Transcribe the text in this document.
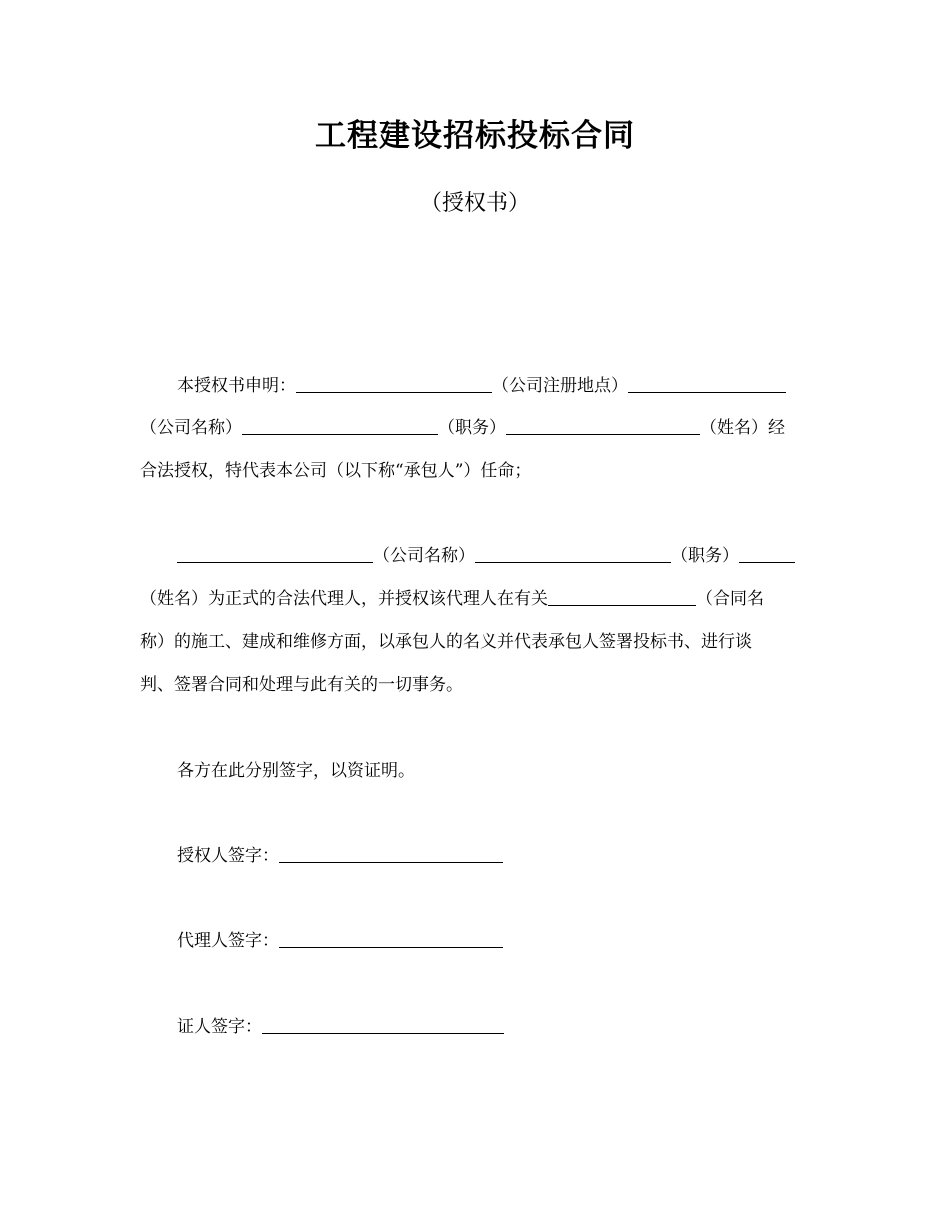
工程建设招标投标合同
（授权书）
本授权书申明：	（公司注册地点）
（公司名称）	（职务）	（姓名）经
合法授权，特代表本公司（以下称“承包人”）任命；
（公司名称）	（职务）
（姓名）为正式的合法代理人，并授权该代理人在有关	（合同名
称）的施工、建成和维修方面，以承包人的名义并代表承包人签署投标书、进行谈
判、签署合同和处理与此有关的一切事务。
各方在此分别签字，以资证明。
授权人签字：
代理人签字：
证人签字：
